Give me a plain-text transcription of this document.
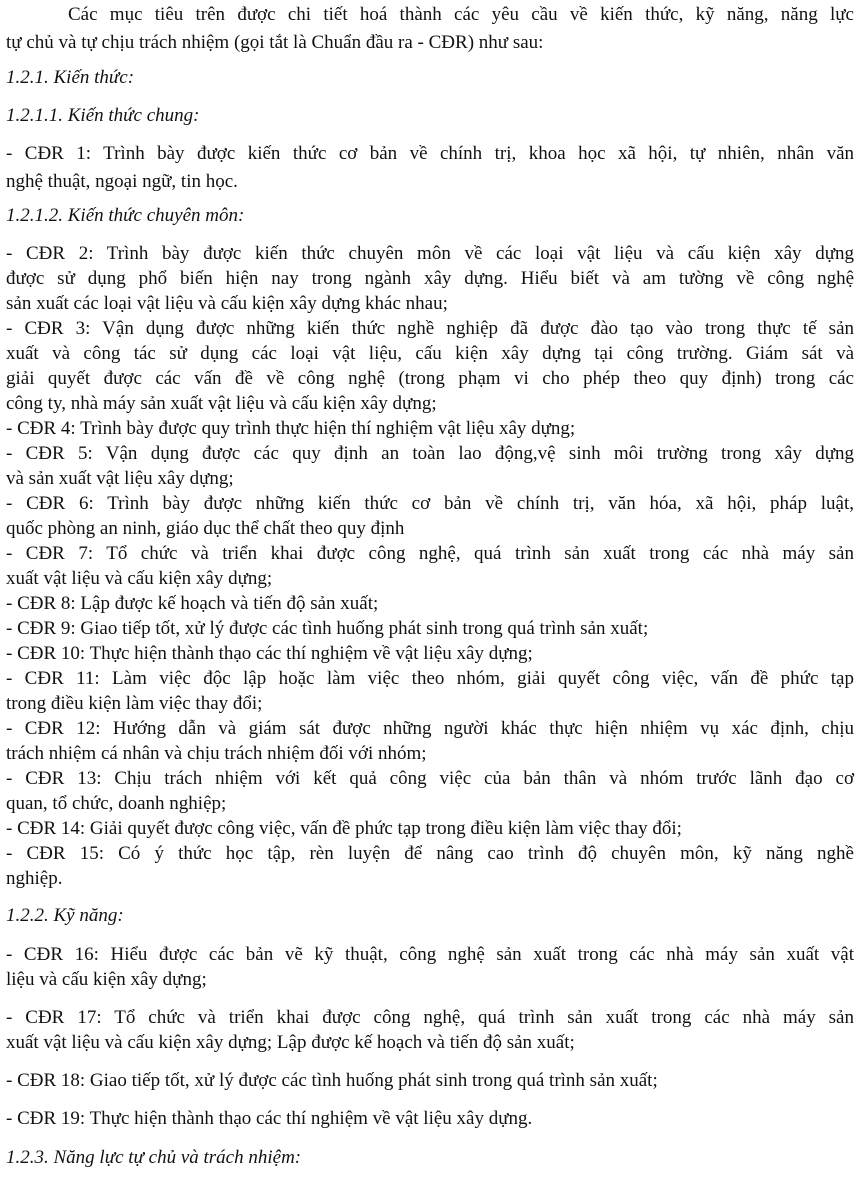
Các mục tiêu trên được chi tiết hoá thành các yêu cầu về kiến thức, kỹ năng, năng lực

tự chủ và tự chịu trách nhiệm (gọi tắt là Chuẩn đầu ra - CĐR) như sau:

1.2.1. Kiến thức:

1.2.1.1. Kiến thức chung:

- CĐR 1: Trình bày được kiến thức cơ bản về chính trị, khoa học xã hội, tự nhiên, nhân văn

nghệ thuật, ngoại ngữ, tin học.

1.2.1.2. Kiến thức chuyên môn:

- CĐR 2: Trình bày được kiến thức chuyên môn về các loại vật liệu và cấu kiện xây dựng

được sử dụng phổ biến hiện nay trong ngành xây dựng. Hiểu biết và am tường về công nghệ

sản xuất các loại vật liệu và cấu kiện xây dựng khác nhau;

- CĐR 3: Vận dụng được những kiến thức nghề nghiệp đã được đào tạo vào trong thực tế sản

xuất và công tác sử dụng các loại vật liệu, cấu kiện xây dựng tại công trường. Giám sát và

giải quyết được các vấn đề về công nghệ (trong phạm vi cho phép theo quy định) trong các

công ty, nhà máy sản xuất vật liệu và cấu kiện xây dựng;

- CĐR 4: Trình bày được quy trình thực hiện thí nghiệm vật liệu xây dựng;

- CĐR 5: Vận dụng được các quy định an toàn lao động,vệ sinh môi trường trong xây dựng

và sản xuất vật liệu xây dựng;

- CĐR 6: Trình bày được những kiến thức cơ bản về chính trị, văn hóa, xã hội, pháp luật,

quốc phòng an ninh, giáo dục thể chất theo quy định

- CĐR 7: Tổ chức và triển khai được công nghệ, quá trình sản xuất trong các nhà máy sản

xuất vật liệu và cấu kiện xây dựng;

- CĐR 8: Lập được kế hoạch và tiến độ sản xuất;

- CĐR 9: Giao tiếp tốt, xử lý được các tình huống phát sinh trong quá trình sản xuất;

- CĐR 10: Thực hiện thành thạo các thí nghiệm về vật liệu xây dựng;

- CĐR 11: Làm việc độc lập hoặc làm việc theo nhóm, giải quyết công việc, vấn đề phức tạp

trong điều kiện làm việc thay đổi;

- CĐR 12: Hướng dẫn và giám sát được những người khác thực hiện nhiệm vụ xác định, chịu

trách nhiệm cá nhân và chịu trách nhiệm đối với nhóm;

- CĐR 13: Chịu trách nhiệm với kết quả công việc của bản thân và nhóm trước lãnh đạo cơ

quan, tổ chức, doanh nghiệp;

- CĐR 14: Giải quyết được công việc, vấn đề phức tạp trong điều kiện làm việc thay đổi;

- CĐR 15: Có ý thức học tập, rèn luyện để nâng cao trình độ chuyên môn, kỹ năng nghề

nghiệp.

1.2.2. Kỹ năng:

- CĐR 16: Hiểu được các bản vẽ kỹ thuật, công nghệ sản xuất trong các nhà máy sản xuất vật

liệu và cấu kiện xây dựng;

- CĐR 17: Tổ chức và triển khai được công nghệ, quá trình sản xuất trong các nhà máy sản

xuất vật liệu và cấu kiện xây dựng; Lập được kế hoạch và tiến độ sản xuất;

- CĐR 18: Giao tiếp tốt, xử lý được các tình huống phát sinh trong quá trình sản xuất;

- CĐR 19: Thực hiện thành thạo các thí nghiệm về vật liệu xây dựng.

1.2.3. Năng lực tự chủ và trách nhiệm:
